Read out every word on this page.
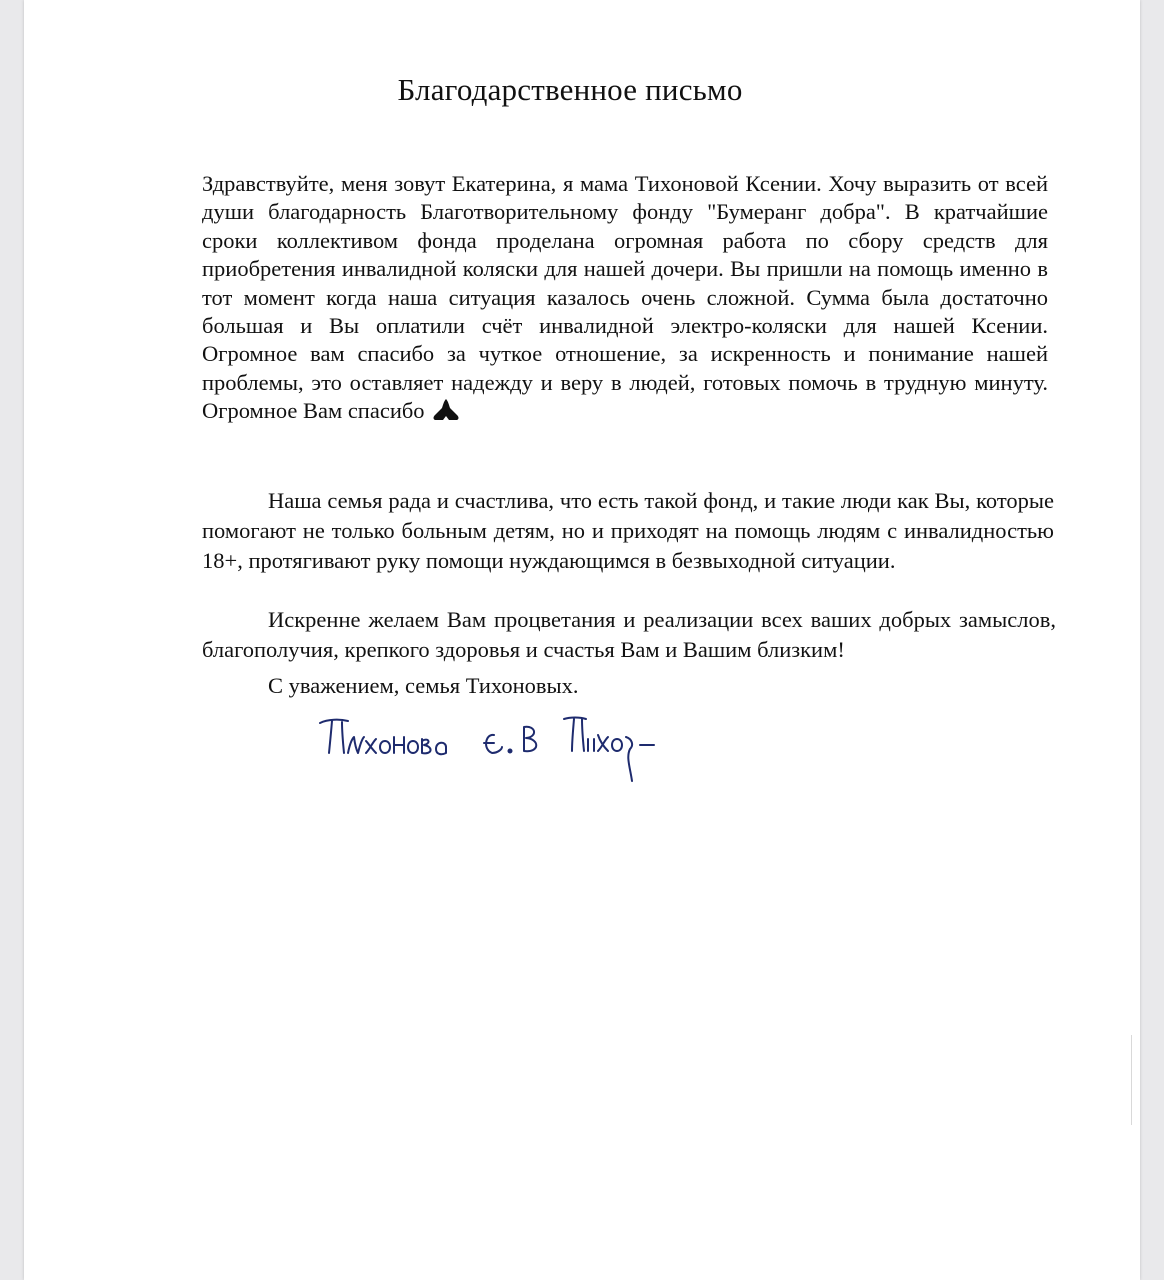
Благодарственное письмо

Здравствуйте, меня зовут Екатерина, я мама Тихоновой Ксении. Хочу выразить от всей души благодарность Благотворительному фонду "Бумеранг добра". В кратчайшие сроки коллективом фонда проделана огромная работа по сбору средств для приобретения инвалидной коляски для нашей дочери. Вы пришли на помощь именно в тот момент когда наша ситуация казалось очень сложной. Сумма была достаточно большая и Вы оплатили счёт инвалидной электро-коляски для нашей Ксении. Огромное вам спасибо за чуткое отношение, за искренность и понимание нашей проблемы, это оставляет надежду и веру в людей, готовых помочь в трудную минуту. Огромное Вам спасибо

Наша семья рада и счастлива, что есть такой фонд, и такие люди как Вы, которые помогают не только больным детям, но и приходят на помощь людям с инвалидностью 18+, протягивают руку помощи нуждающимся в безвыходной ситуации.

Искренне желаем Вам процветания и реализации всех ваших добрых замыслов, благополучия, крепкого здоровья и счастья Вам и Вашим близким!

С уважением, семья Тихоновых.
